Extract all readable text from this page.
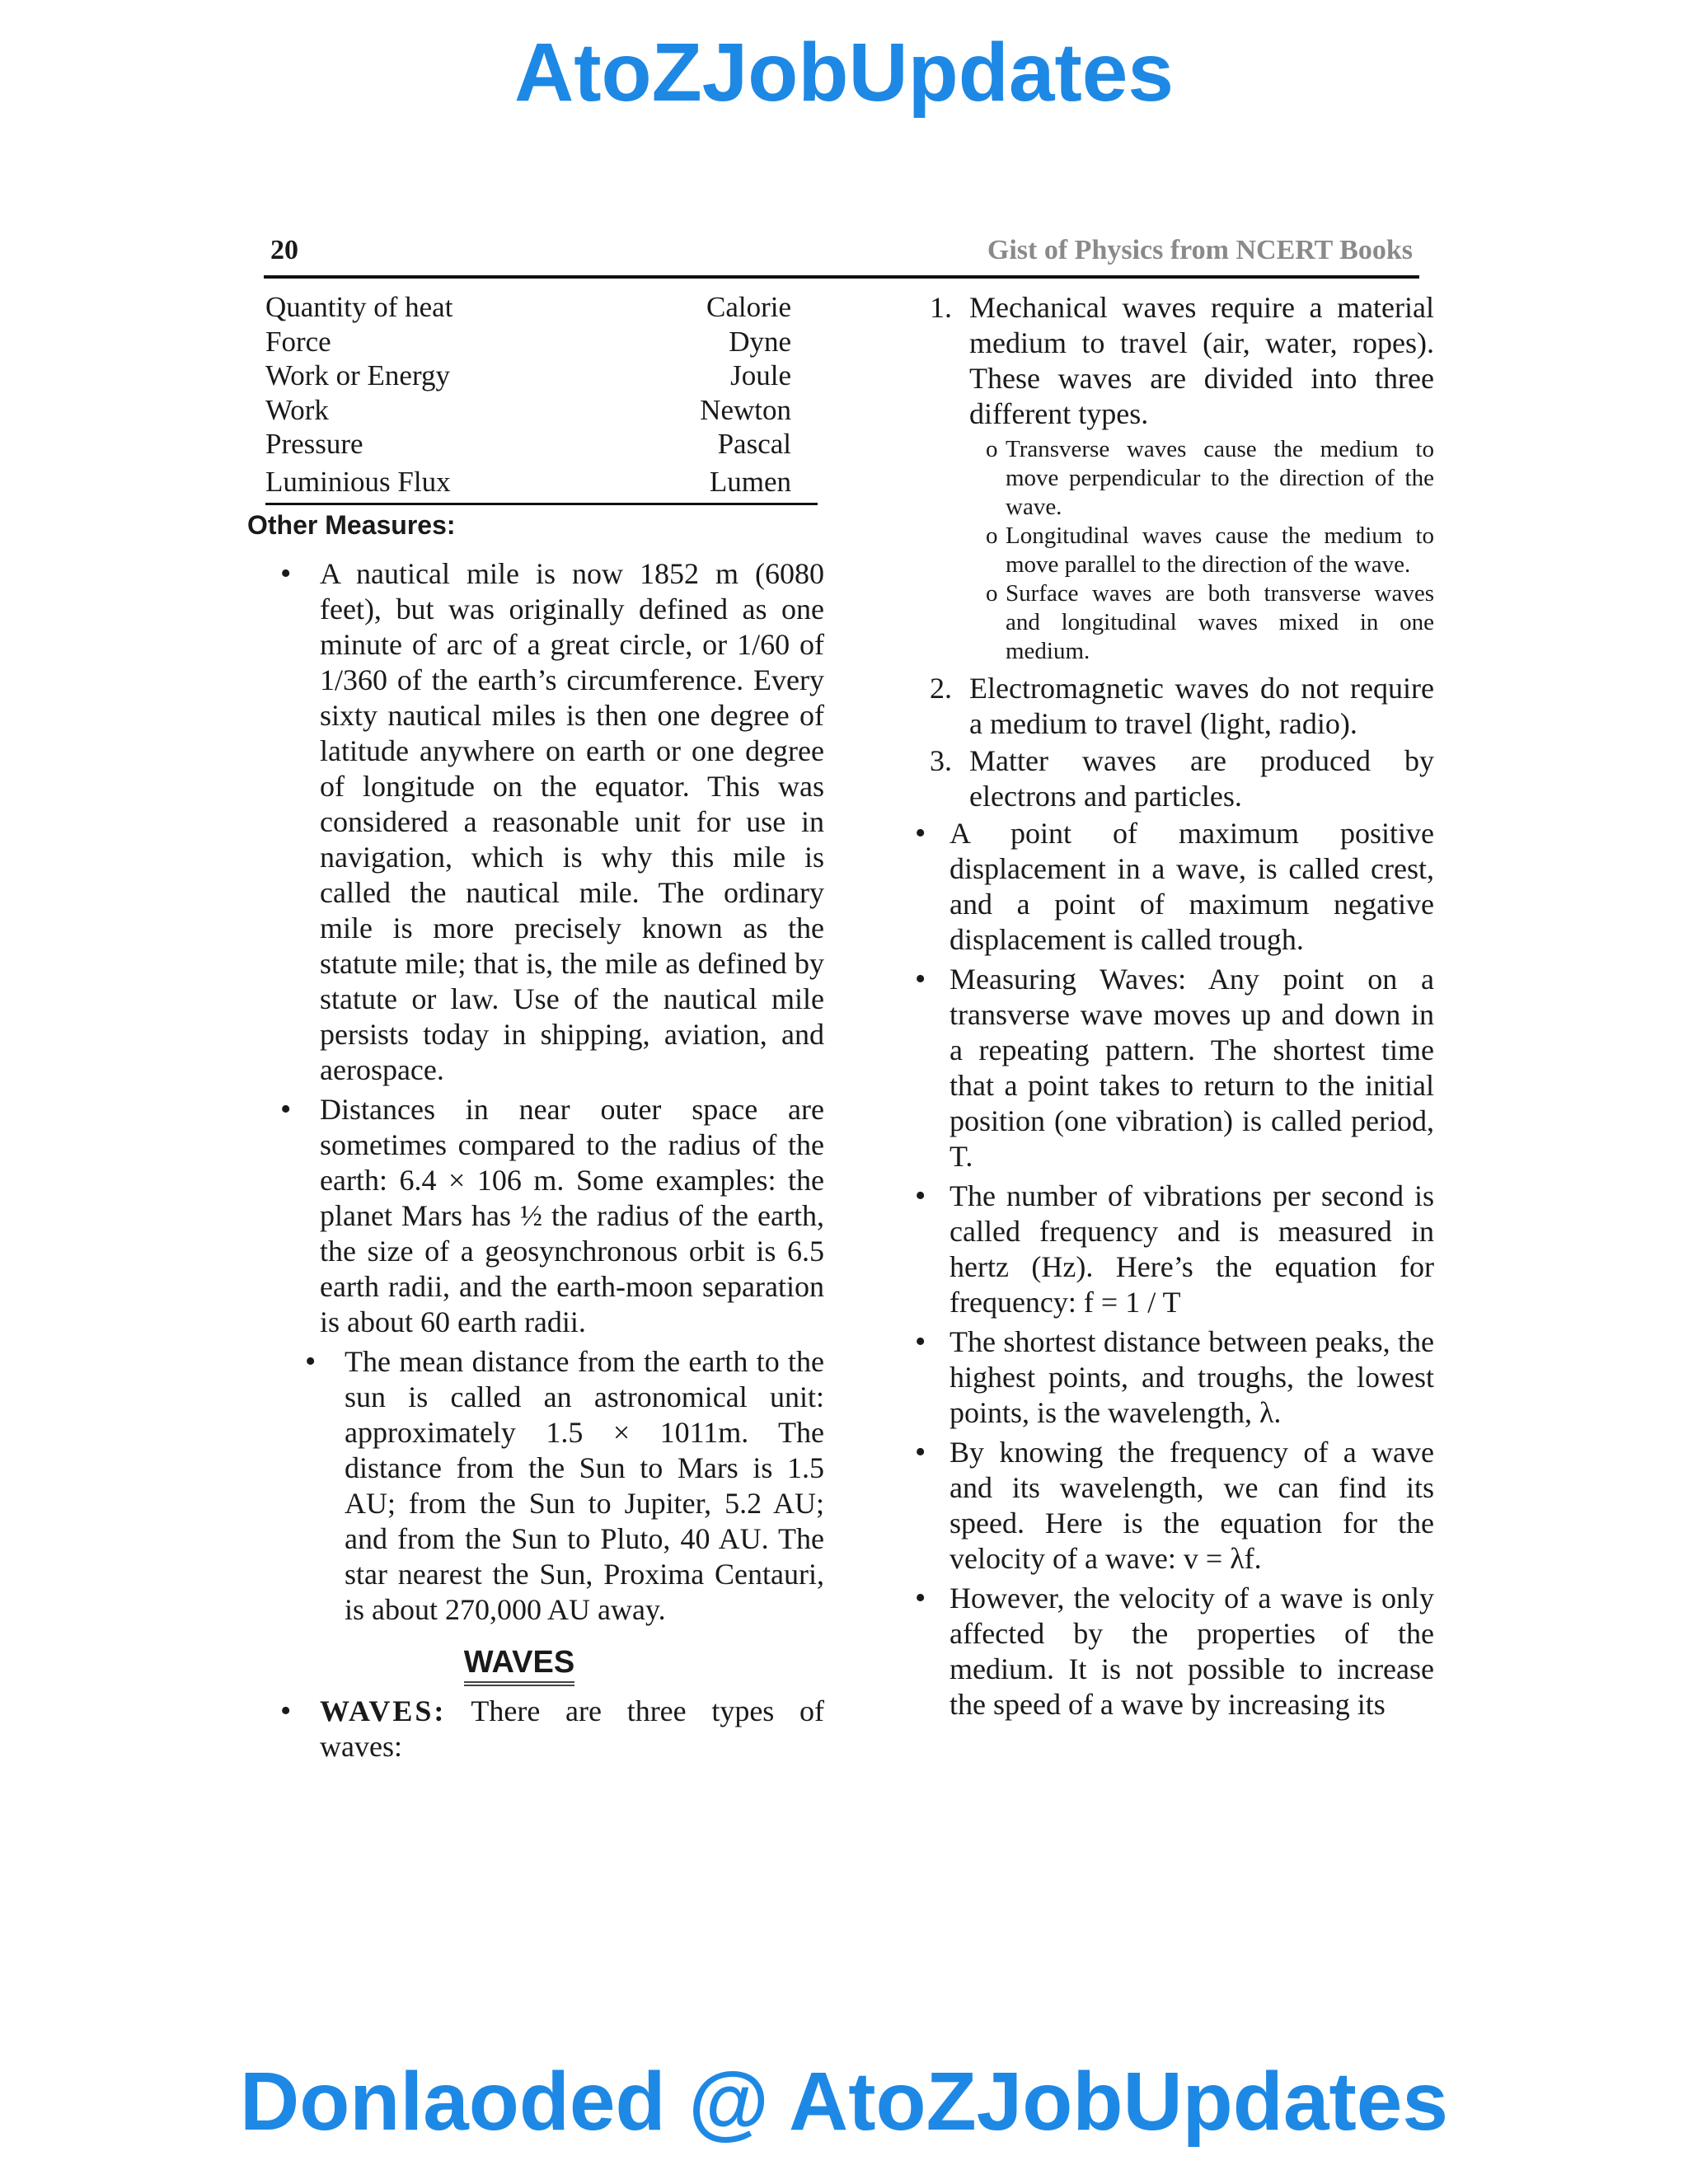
AtoZJobUpdates
20	Gist of Physics from NCERT Books
Quantity of heat	Calorie
Force	Dyne
Work or Energy	Joule
Work	Newton
Pressure	Pascal
Luminious Flux	Lumen
Other Measures:
• A nautical mile is now 1852 m (6080 feet), but was originally defined as one minute of arc of a great circle, or 1/60 of 1/360 of the earth’s circumference. Every sixty nautical miles is then one degree of latitude anywhere on earth or one degree of longitude on the equator. This was considered a reasonable unit for use in navigation, which is why this mile is called the nautical mile. The ordinary mile is more precisely known as the statute mile; that is, the mile as defined by statute or law. Use of the nautical mile persists today in shipping, aviation, and aerospace.
• Distances in near outer space are sometimes compared to the radius of the earth: 6.4 × 106 m. Some examples: the planet Mars has ½ the radius of the earth, the size of a geosynchronous orbit is 6.5 earth radii, and the earth-moon separation is about 60 earth radii.
• The mean distance from the earth to the sun is called an astronomical unit: approximately 1.5 × 1011m. The distance from the Sun to Mars is 1.5 AU; from the Sun to Jupiter, 5.2 AU; and from the Sun to Pluto, 40 AU. The star nearest the Sun, Proxima Centauri, is about 270,000 AU away.
WAVES
• WAVES: There are three types of waves:
1. Mechanical waves require a material medium to travel (air, water, ropes). These waves are divided into three different types.
o Transverse waves cause the medium to move perpendicular to the direction of the wave.
o Longitudinal waves cause the medium to move parallel to the direction of the wave.
o Surface waves are both transverse waves and longitudinal waves mixed in one medium.
2. Electromagnetic waves do not require a medium to travel (light, radio).
3. Matter waves are produced by electrons and particles.
• A point of maximum positive displacement in a wave, is called crest, and a point of maximum negative displacement is called trough.
• Measuring Waves: Any point on a transverse wave moves up and down in a repeating pattern. The shortest time that a point takes to return to the initial position (one vibration) is called period, T.
• The number of vibrations per second is called frequency and is measured in hertz (Hz). Here’s the equation for frequency: f = 1 / T
• The shortest distance between peaks, the highest points, and troughs, the lowest points, is the wavelength, λ.
• By knowing the frequency of a wave and its wavelength, we can find its speed. Here is the equation for the velocity of a wave: v = λf.
• However, the velocity of a wave is only affected by the properties of the medium. It is not possible to increase the speed of a wave by increasing its
Donlaoded @ AtoZJobUpdates
